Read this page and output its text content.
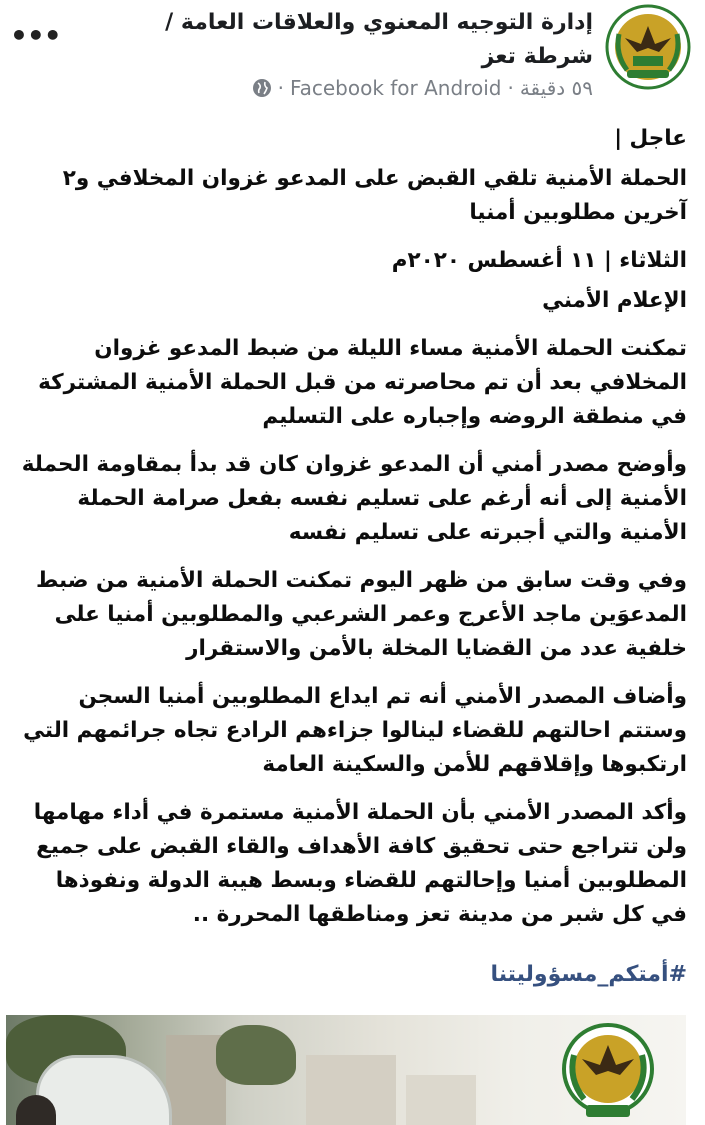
إدارة التوجيه المعنوي والعلاقات العامة /شرطة تعز
٥٩ دقيقة
·
Facebook for Android
·
•••

عاجل |

الحملة الأمنية تلقي القبض على المدعو غزوان المخلافي و٢ آخرين مطلوبين أمنيا

الثلاثاء | ١١ أغسطس ٢٠٢٠م

الإعلام الأمني

تمكنت الحملة الأمنية مساء الليلة من ضبط المدعو غزوان المخلافي بعد أن تم محاصرته من قبل الحملة الأمنية المشتركة في منطقة الروضه وإجباره على التسليم

وأوضح مصدر أمني أن المدعو غزوان كان قد بدأ بمقاومة الحملة الأمنية إلى أنه أرغم على تسليم نفسه بفعل صرامة الحملة الأمنية والتي أجبرته على تسليم نفسه

وفي وقت سابق من ظهر اليوم تمكنت الحملة الأمنية من ضبط المدعوَين ماجد الأعرج وعمر الشرعبي والمطلوبين أمنيا على خلفية عدد من القضايا المخلة بالأمن والاستقرار

وأضاف المصدر الأمني أنه تم ايداع المطلوبين أمنيا السجن وستتم احالتهم للقضاء لينالوا جزاءهم الرادع تجاه جرائمهم التي ارتكبوها وإقلاقهم للأمن والسكينة العامة

وأكد المصدر الأمني بأن الحملة الأمنية مستمرة في أداء مهامها ولن تتراجع حتى تحقيق كافة الأهداف والقاء القبض على جميع المطلوبين أمنيا وإحالتهم للقضاء وبسط هيبة الدولة ونفوذها في كل شبر من مدينة تعز ومناطقها المحررة ..

#أمتكم_مسؤوليتنا
